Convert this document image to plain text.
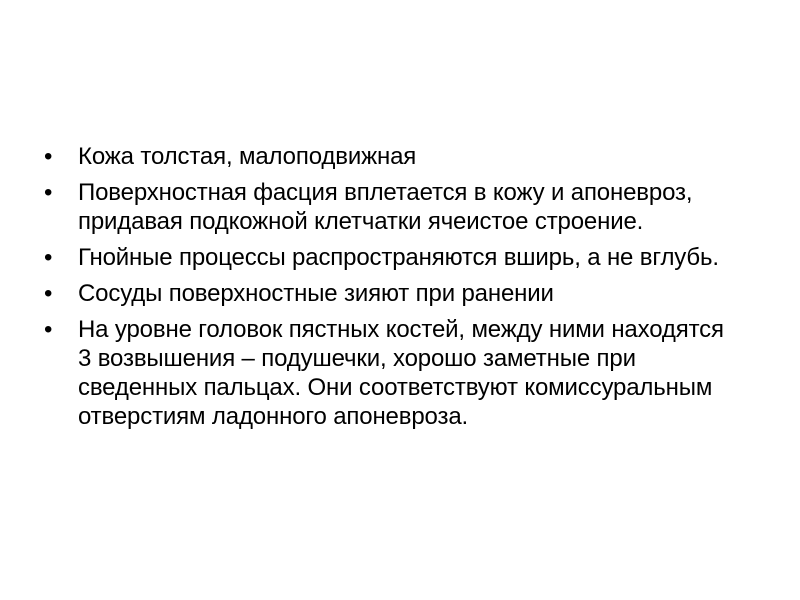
•	Кожа толстая, малоподвижная
•	Поверхностная фасция вплетается в кожу и апоневроз, придавая подкожной клетчатки ячеистое строение.
•	Гнойные процессы распространяются вширь, а не вглубь.
•	Сосуды поверхностные зияют при ранении
•	На уровне головок пястных костей, между ними находятся 3 возвышения – подушечки, хорошо заметные при сведенных пальцах. Они соответствуют комиссуральным отверстиям ладонного апоневроза.
